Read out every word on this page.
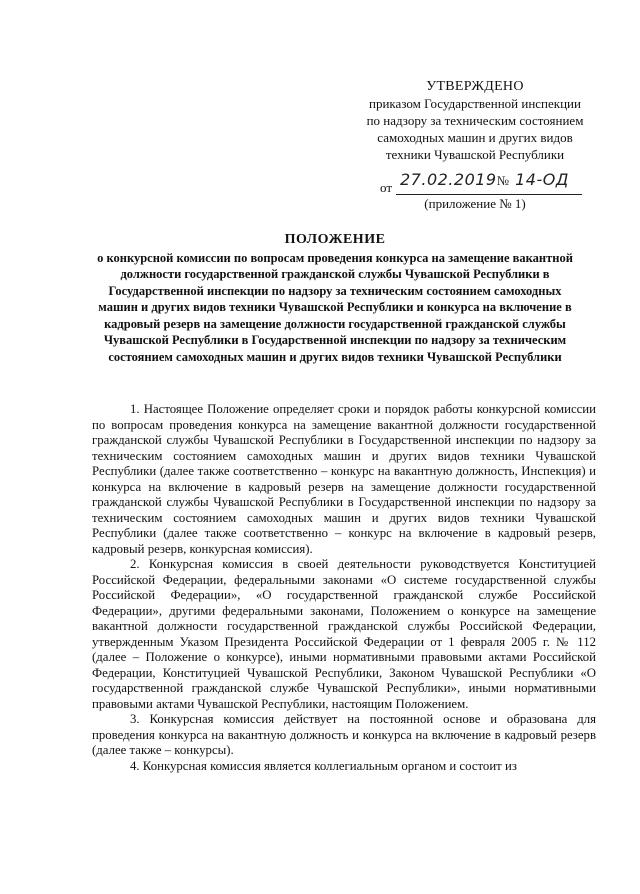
УТВЕРЖДЕНО
приказом Государственной инспекции
по надзору за техническим состоянием
самоходных машин и других видов
техники Чувашской Республики
от 27.02.2019№ 14-ОД
(приложение № 1)
ПОЛОЖЕНИЕ
о конкурсной комиссии по вопросам проведения конкурса на замещение вакантной должности государственной гражданской службы Чувашской Республики в Государственной инспекции по надзору за техническим состоянием самоходных машин и других видов техники Чувашской Республики и конкурса на включение в кадровый резерв на замещение должности государственной гражданской службы Чувашской Республики в Государственной инспекции по надзору за техническим состоянием самоходных машин и других видов техники Чувашской Республики

1. Настоящее Положение определяет сроки и порядок работы конкурсной комиссии по вопросам проведения конкурса на замещение вакантной должности государственной гражданской службы Чувашской Республики в Государственной инспекции по надзору за техническим состоянием самоходных машин и других видов техники Чувашской Республики (далее также соответственно – конкурс на вакантную должность, Инспекция) и конкурса на включение в кадровый резерв на замещение должности государственной гражданской службы Чувашской Республики в Государственной инспекции по надзору за техническим состоянием самоходных машин и других видов техники Чувашской Республики (далее также соответственно – конкурс на включение в кадровый резерв, кадровый резерв, конкурсная комиссия).

2. Конкурсная комиссия в своей деятельности руководствуется Конституцией Российской Федерации, федеральными законами «О системе государственной службы Российской Федерации», «О государственной гражданской службе Российской Федерации», другими федеральными законами, Положением о конкурсе на замещение вакантной должности государственной гражданской службы Российской Федерации, утвержденным Указом Президента Российской Федерации от 1 февраля 2005 г. № 112 (далее – Положение о конкурсе), иными нормативными правовыми актами Российской Федерации, Конституцией Чувашской Республики, Законом Чувашской Республики «О государственной гражданской службе Чувашской Республики», иными нормативными правовыми актами Чувашской Республики, настоящим Положением.

3. Конкурсная комиссия действует на постоянной основе и образована для проведения конкурса на вакантную должность и конкурса на включение в кадровый резерв (далее также – конкурсы).

4. Конкурсная комиссия является коллегиальным органом и состоит из
